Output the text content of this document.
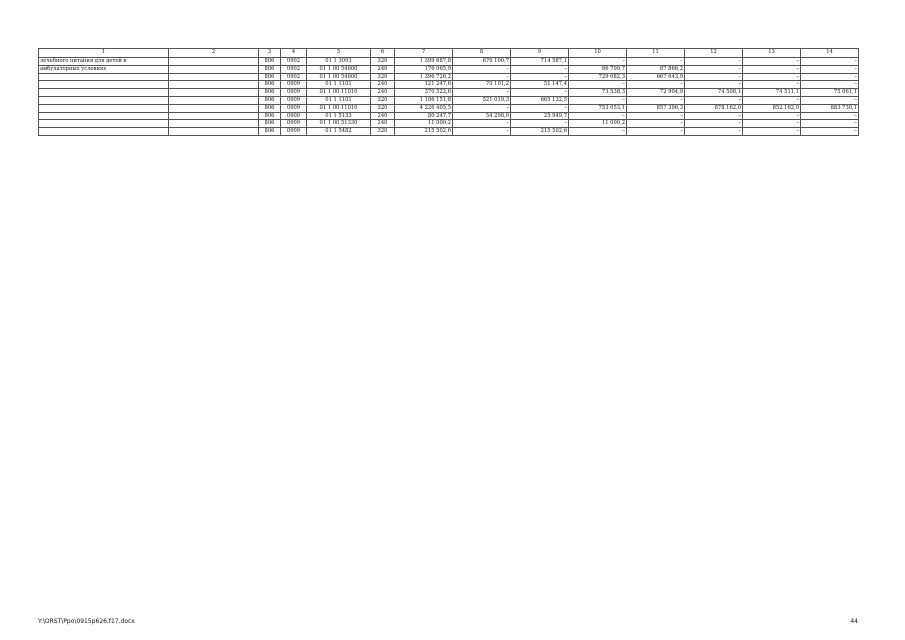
1	2	3	4	5	6	7	8	9	10	11	12	13	14
лечебного питания для детей в		806	0902	01 1 3093	320	1 399 687,8	676 100,7	714 587,1	–	–	–	–	–
амбулаторных условиях		806	0902	01 1 00 54600	240	176 065,9	–	–	86 799,7	87 866,2	–	–	–
		806	0902	01 1 00 54600	320	1 396 726,2	–	–	729 082,3	667 643,9	–	–	–
		806	0909	01 1 1101	240	121 247,6	70 101,2	51 147,4	–	–	–	–	–
		806	0909	01 1 00 11010	240	370 522,6	–	–	73 538,3	72 904,9	74 508,1	74 511,1	75 061,1
		806	0909	01 1 1101	320	1 186 151,8	521 019,3	665 132,5	–	–	–	–	–
		806	0909	01 1 00 11010	320	4 226 405,5	–	–	753 053,1	857 396,3	878 162,0	852 162,0	883 730,1
		806	0909	01 1 5133	240	80 247,7	54 298,0	25 949,7	–	–	–	–	–
		806	0909	01 1 00 51330	240	11 000,2	–	–	11 000,2	–	–	–	–
		806	0909	01 1 5482	320	215 502,6	–	215 502,6	–	–	–	–	–
Y:\ORST\Ppo\0915p626.f17.docx	44
